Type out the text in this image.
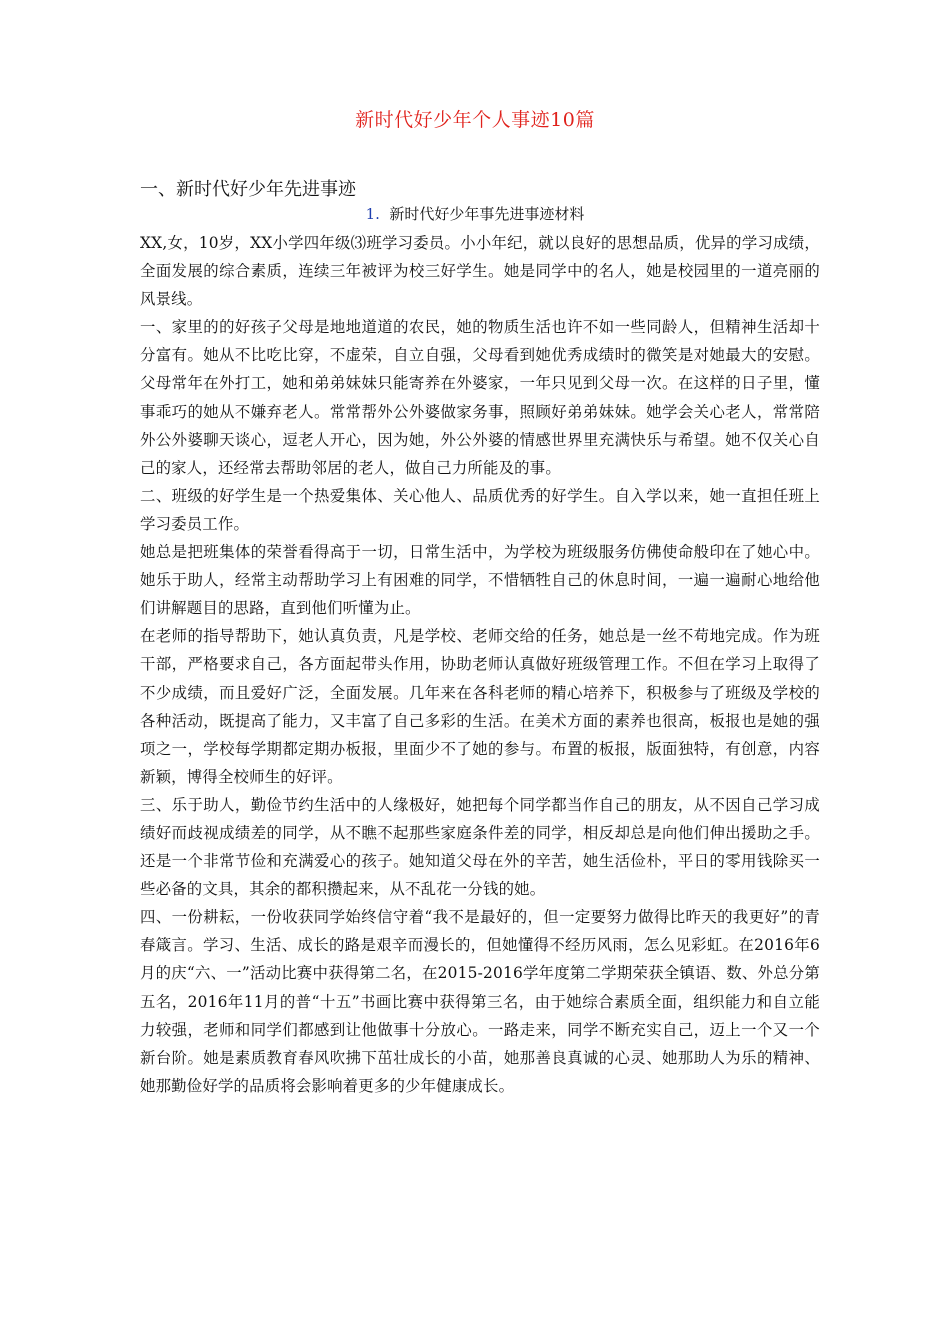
新时代好少年个人事迹10篇
一、新时代好少年先进事迹
1. 新时代好少年事先进事迹材料

XX,女，10岁，XX小学四年级⑶班学习委员。小小年纪，就以良好的思想品质，优异的学习成绩，全面发展的综合素质，连续三年被评为校三好学生。她是同学中的名人，她是校园里的一道亮丽的风景线。

一、家里的的好孩子父母是地地道道的农民，她的物质生活也许不如一些同龄人，但精神生活却十分富有。她从不比吃比穿，不虚荣，自立自强，父母看到她优秀成绩时的微笑是对她最大的安慰。父母常年在外打工，她和弟弟妹妹只能寄养在外婆家，一年只见到父母一次。在这样的日子里，懂事乖巧的她从不嫌弃老人。常常帮外公外婆做家务事，照顾好弟弟妹妹。她学会关心老人，常常陪外公外婆聊天谈心，逗老人开心，因为她，外公外婆的情感世界里充满快乐与希望。她不仅关心自己的家人，还经常去帮助邻居的老人，做自己力所能及的事。

二、班级的好学生是一个热爱集体、关心他人、品质优秀的好学生。自入学以来，她一直担任班上学习委员工作。

她总是把班集体的荣誉看得高于一切，日常生活中，为学校为班级服务仿佛使命般印在了她心中。她乐于助人，经常主动帮助学习上有困难的同学，不惜牺牲自己的休息时间，一遍一遍耐心地给他们讲解题目的思路，直到他们听懂为止。

在老师的指导帮助下，她认真负责，凡是学校、老师交给的任务，她总是一丝不苟地完成。作为班干部，严格要求自己，各方面起带头作用，协助老师认真做好班级管理工作。不但在学习上取得了不少成绩，而且爱好广泛，全面发展。几年来在各科老师的精心培养下，积极参与了班级及学校的各种活动，既提高了能力，又丰富了自己多彩的生活。在美术方面的素养也很高，板报也是她的强项之一，学校每学期都定期办板报，里面少不了她的参与。布置的板报，版面独特，有创意，内容新颖，博得全校师生的好评。

三、乐于助人，勤俭节约生活中的人缘极好，她把每个同学都当作自己的朋友，从不因自己学习成绩好而歧视成绩差的同学，从不瞧不起那些家庭条件差的同学，相反却总是向他们伸出援助之手。还是一个非常节俭和充满爱心的孩子。她知道父母在外的辛苦，她生活俭朴，平日的零用钱除买一些必备的文具，其余的都积攒起来，从不乱花一分钱的她。

四、一份耕耘，一份收获同学始终信守着“我不是最好的，但一定要努力做得比昨天的我更好”的青春箴言。学习、生活、成长的路是艰辛而漫长的，但她懂得不经历风雨，怎么见彩虹。在2016年6月的庆“六、一”活动比赛中获得第二名，在2015-2016学年度第二学期荣获全镇语、数、外总分第五名，2016年11月的普“十五”书画比赛中获得第三名，由于她综合素质全面，组织能力和自立能力较强，老师和同学们都感到让他做事十分放心。一路走来，同学不断充实自己，迈上一个又一个新台阶。她是素质教育春风吹拂下茁壮成长的小苗，她那善良真诚的心灵、她那助人为乐的精神、她那勤俭好学的品质将会影响着更多的少年健康成长。
